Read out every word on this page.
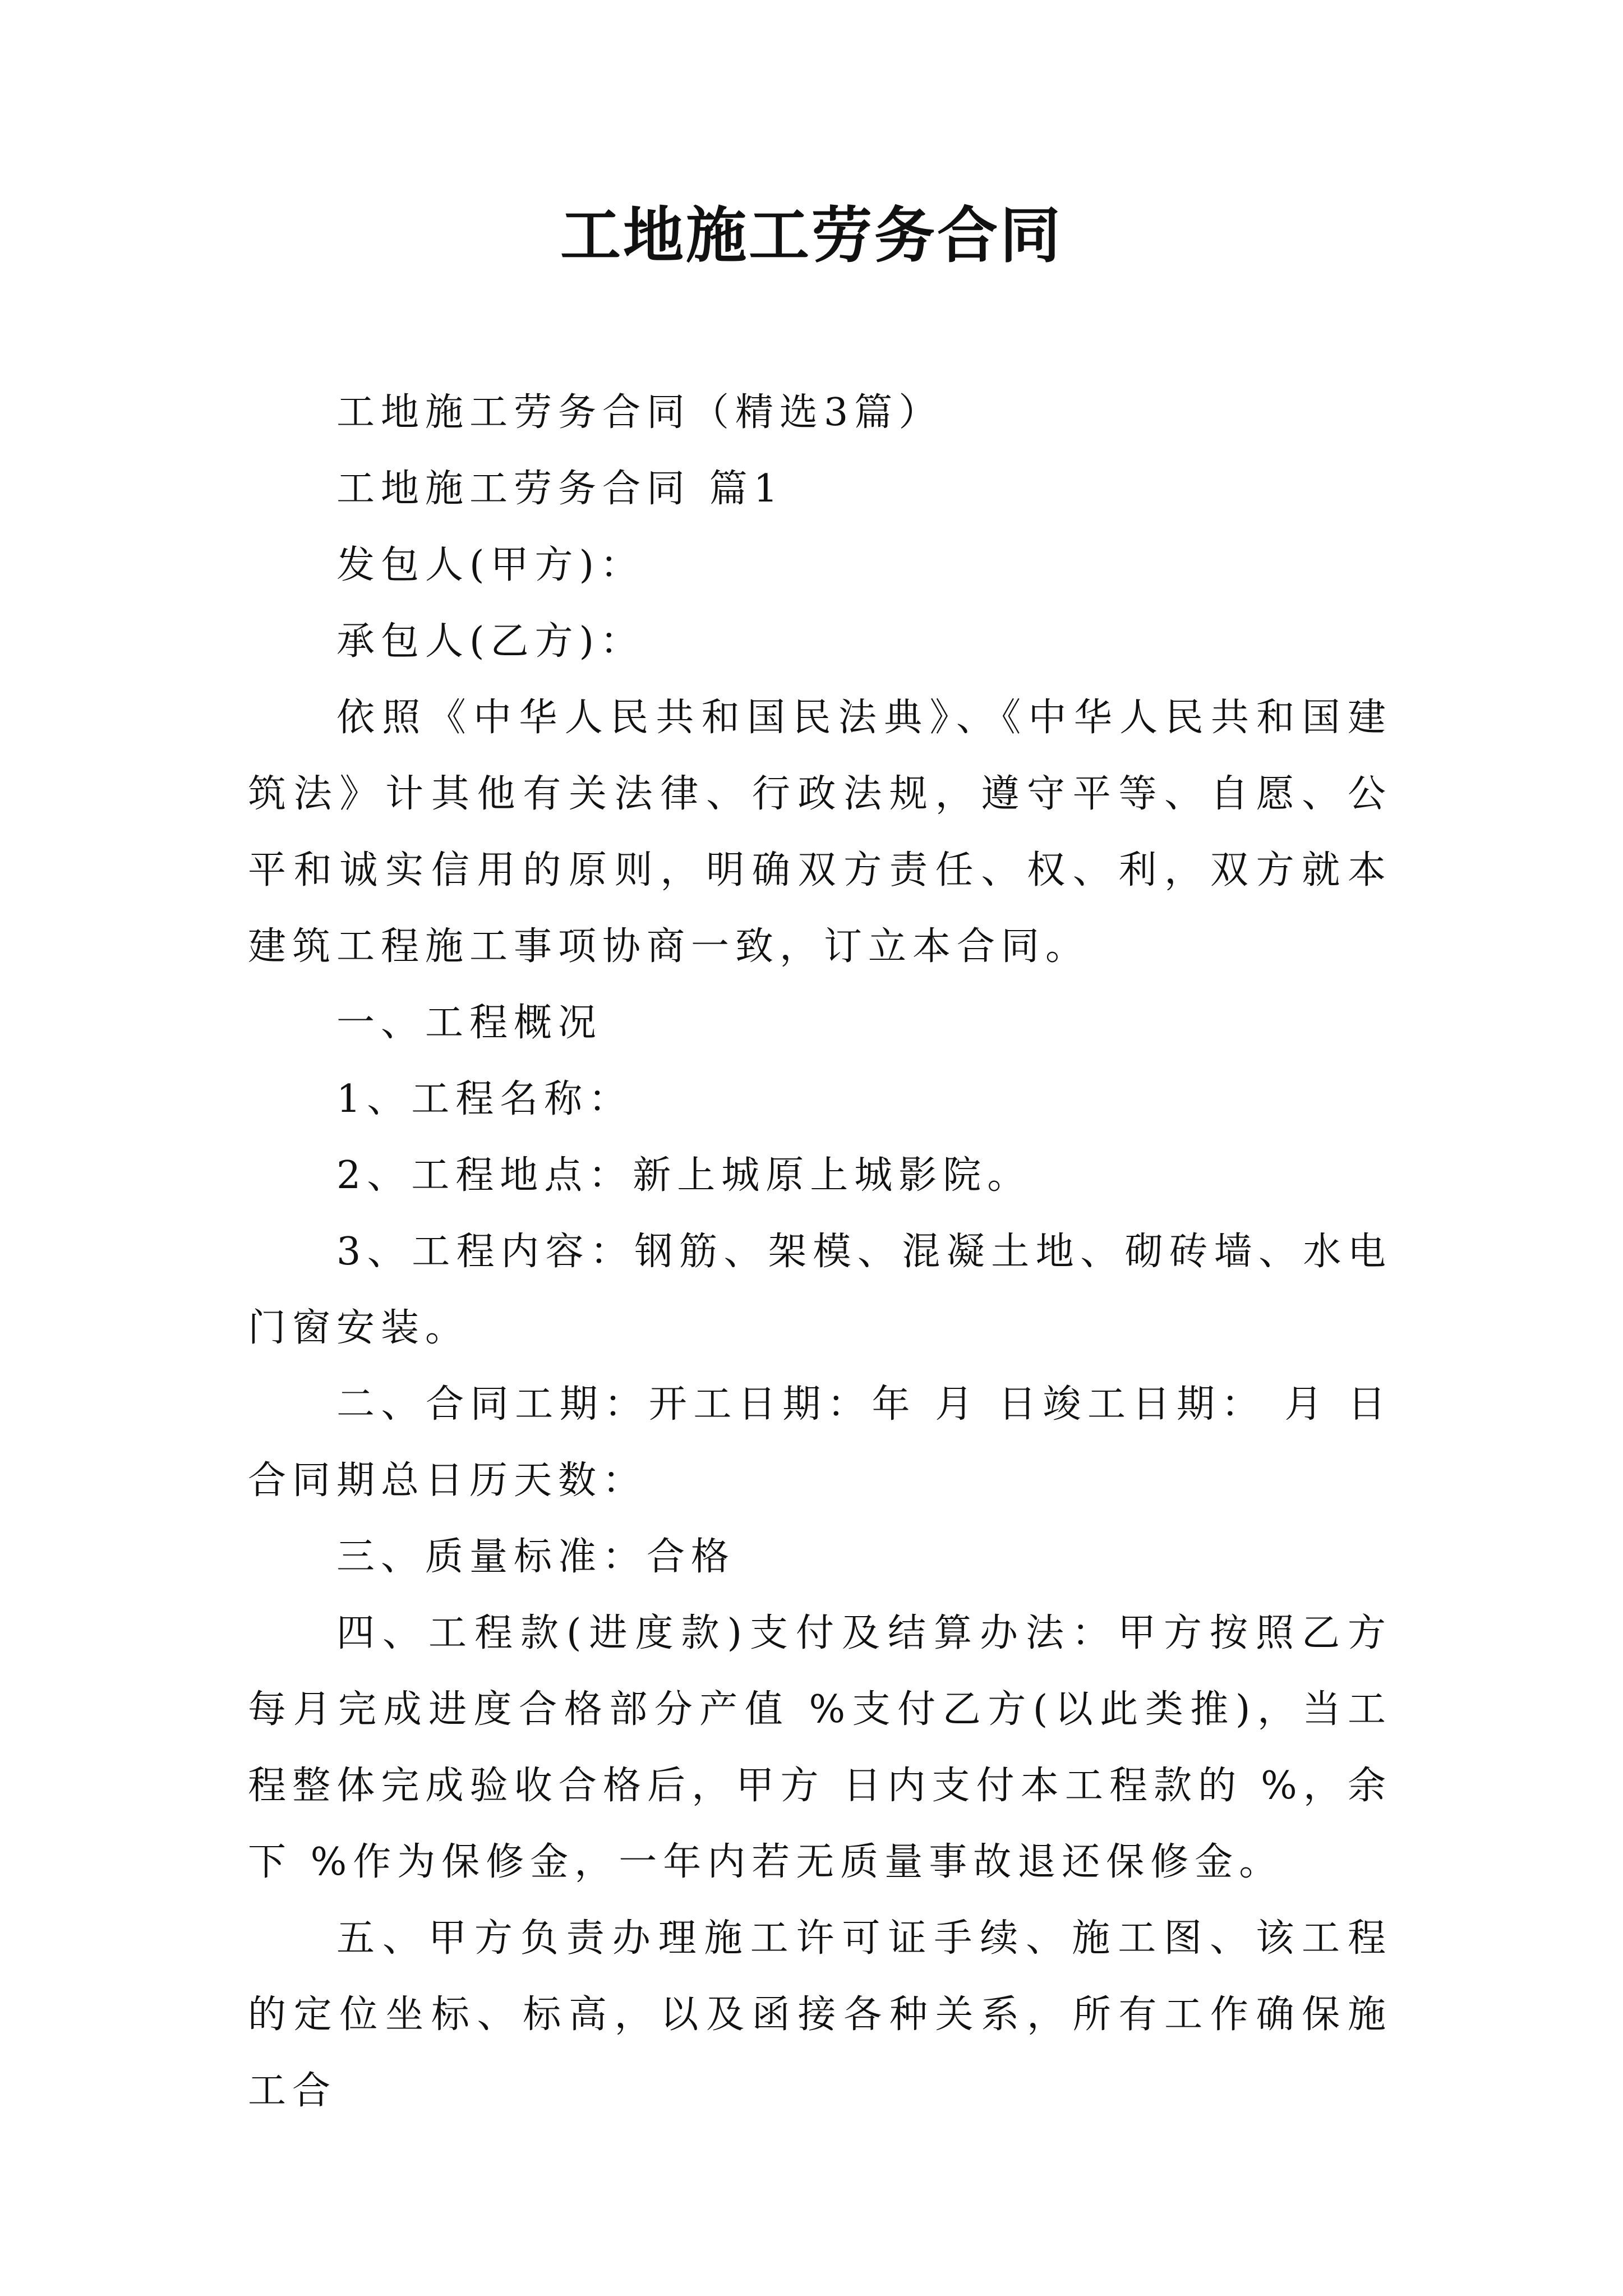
工地施工劳务合同

工地施工劳务合同（精选3篇）

工地施工劳务合同 篇1

发包人(甲方)：

承包人(乙方)：

依照《中华人民共和国民法典》、《中华人民共和国建筑法》计其他有关法律、行政法规，遵守平等、自愿、公平和诚实信用的原则，明确双方责任、权、利，双方就本建筑工程施工事项协商一致，订立本合同。

一、工程概况

1、工程名称：

2、工程地点：新上城原上城影院。

3、工程内容：钢筋、架模、混凝土地、砌砖墙、水电门窗安装。

二、合同工期：开工日期：年 月 日竣工日期： 月 日合同期总日历天数：

三、质量标准：合格

四、工程款(进度款)支付及结算办法：甲方按照乙方每月完成进度合格部分产值 %支付乙方(以此类推)，当工程整体完成验收合格后，甲方 日内支付本工程款的 %，余下 %作为保修金，一年内若无质量事故退还保修金。

五、甲方负责办理施工许可证手续、施工图、该工程的定位坐标、标高，以及函接各种关系，所有工作确保施工合
